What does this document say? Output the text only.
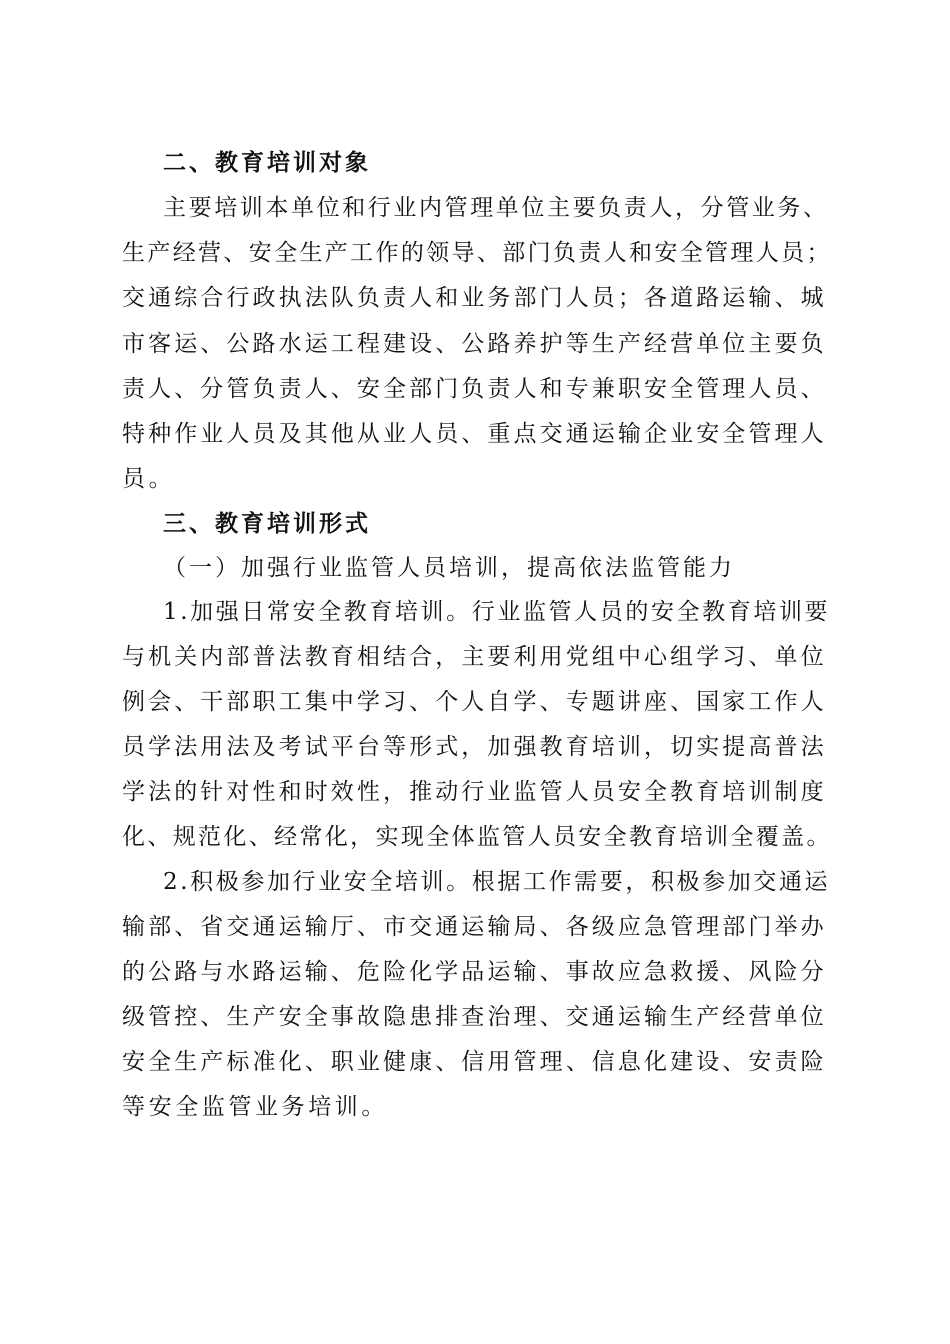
二、教育培训对象

主要培训本单位和行业内管理单位主要负责人，分管业务、

生产经营、安全生产工作的领导、部门负责人和安全管理人员；

交通综合行政执法队负责人和业务部门人员；各道路运输、城

市客运、公路水运工程建设、公路养护等生产经营单位主要负

责人、分管负责人、安全部门负责人和专兼职安全管理人员、

特种作业人员及其他从业人员、重点交通运输企业安全管理人

员。

三、教育培训形式

（一）加强行业监管人员培训，提高依法监管能力

1.加强日常安全教育培训。行业监管人员的安全教育培训要

与机关内部普法教育相结合，主要利用党组中心组学习、单位

例会、干部职工集中学习、个人自学、专题讲座、国家工作人

员学法用法及考试平台等形式，加强教育培训，切实提高普法

学法的针对性和时效性，推动行业监管人员安全教育培训制度

化、规范化、经常化，实现全体监管人员安全教育培训全覆盖。

2.积极参加行业安全培训。根据工作需要，积极参加交通运

输部、省交通运输厅、市交通运输局、各级应急管理部门举办

的公路与水路运输、危险化学品运输、事故应急救援、风险分

级管控、生产安全事故隐患排查治理、交通运输生产经营单位

安全生产标准化、职业健康、信用管理、信息化建设、安责险

等安全监管业务培训。
